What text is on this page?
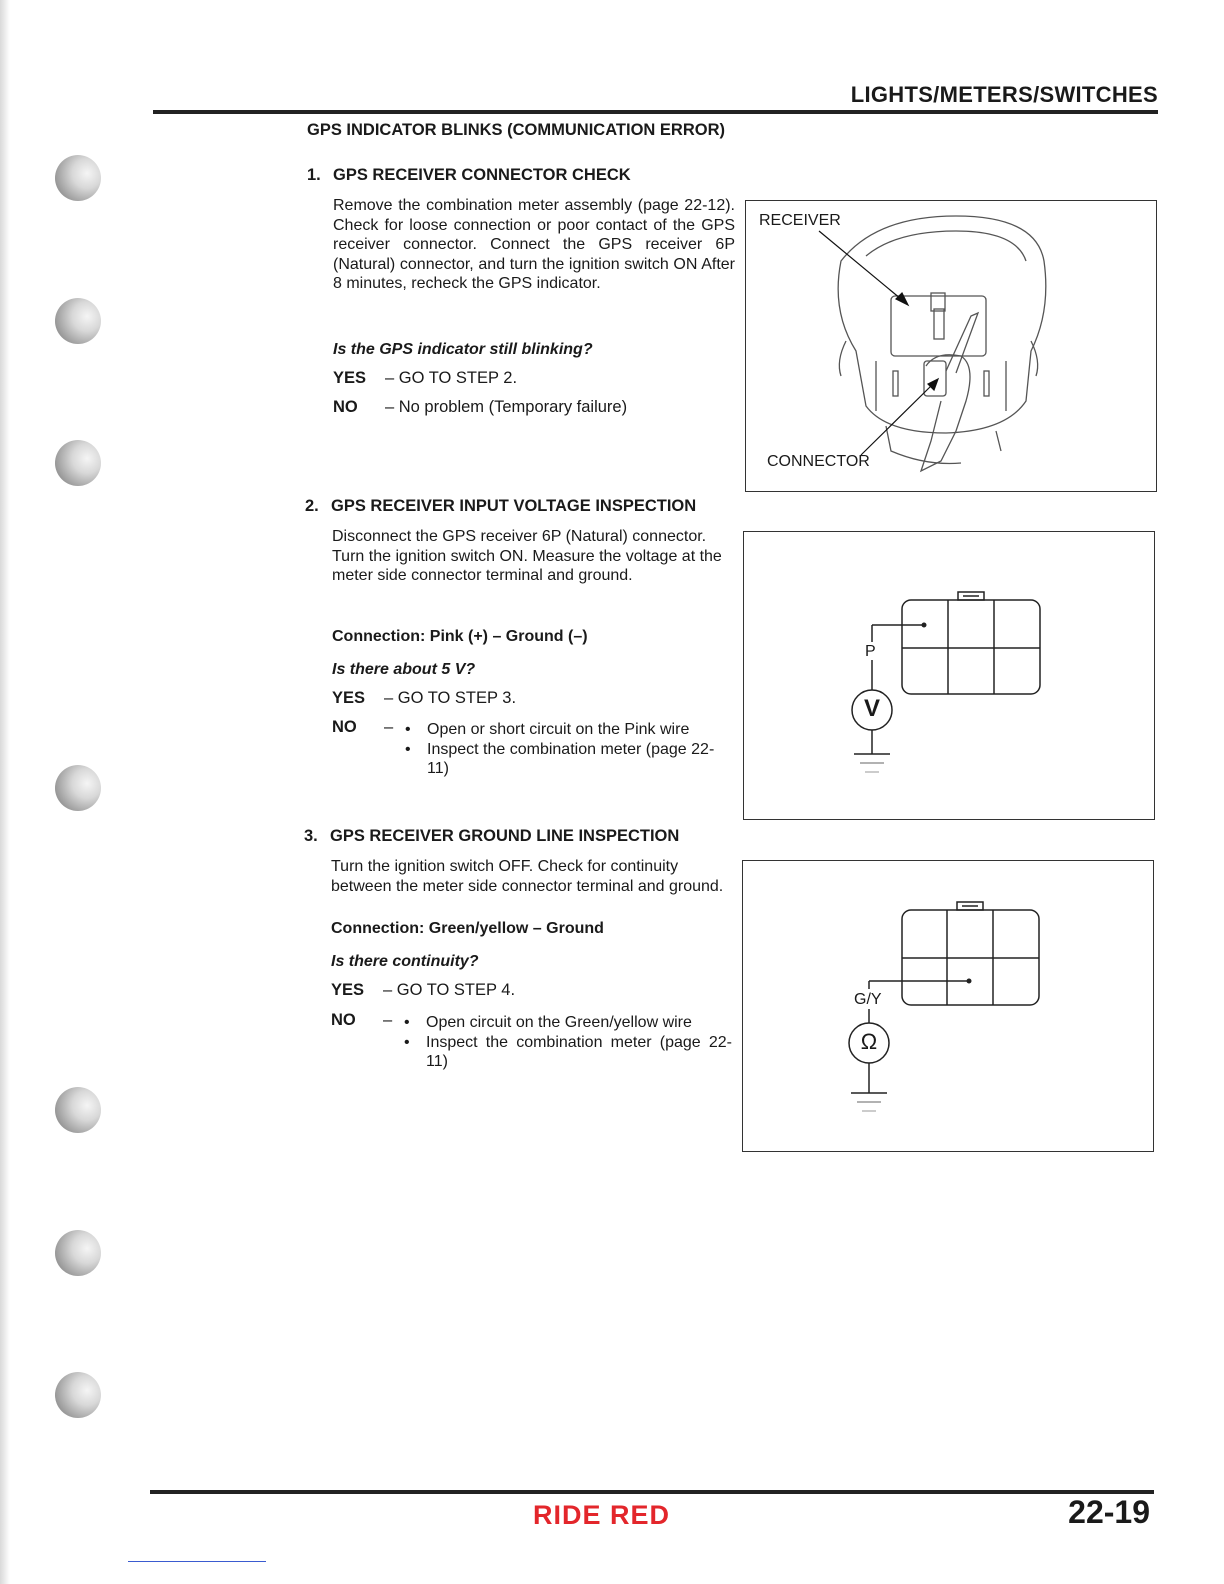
LIGHTS/METERS/SWITCHES
GPS INDICATOR BLINKS (COMMUNICATION ERROR)
1. GPS RECEIVER CONNECTOR CHECK
Remove the combination meter assembly (page 22-12). Check for loose connection or poor contact of the GPS receiver connector. Connect the GPS receiver 6P (Natural) connector, and turn the ignition switch ON After 8 minutes, recheck the GPS indicator.
Is the GPS indicator still blinking?
YES – GO TO STEP 2.
NO – No problem (Temporary failure)
RECEIVER
CONNECTOR
2. GPS RECEIVER INPUT VOLTAGE INSPECTION
Disconnect the GPS receiver 6P (Natural) connector. Turn the ignition switch ON. Measure the voltage at the meter side connector terminal and ground.
Connection: Pink (+) – Ground (–)
Is there about 5 V?
YES – GO TO STEP 3.
NO – •	Open or short circuit on the Pink wire
•	Inspect the combination meter (page 22-11)
P
V
3. GPS RECEIVER GROUND LINE INSPECTION
Turn the ignition switch OFF. Check for continuity between the meter side connector terminal and ground.
Connection: Green/yellow – Ground
Is there continuity?
YES – GO TO STEP 4.
NO – •	Open circuit on the Green/yellow wire
•	Inspect the combination meter (page 22-11)
G/Y
Ω
22-19
RIDE RED
